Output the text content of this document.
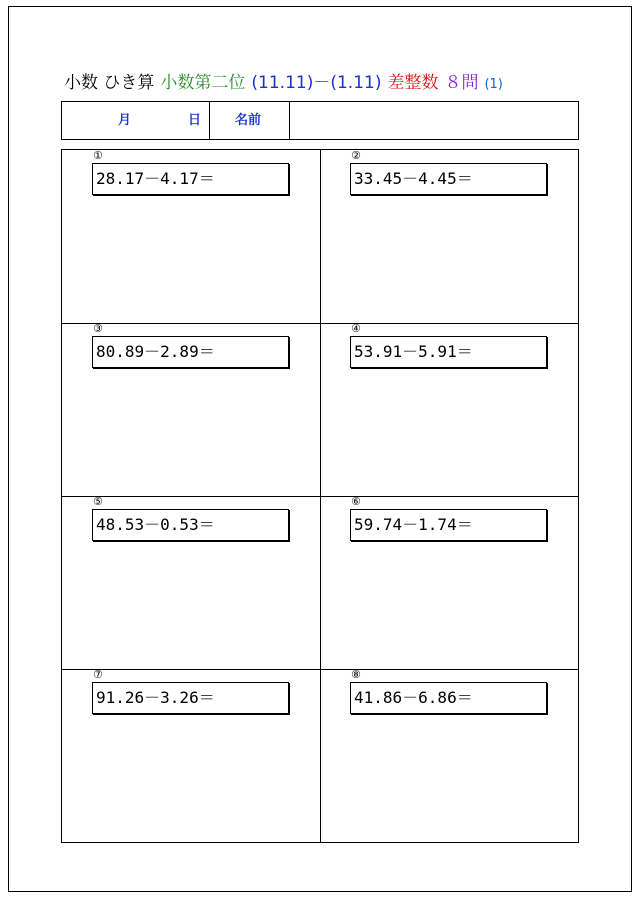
小数 ひき算 小数第二位 (11.11)－(1.11) 差整数 ８問 (1)
月	日	名前
①
28.17－4.17＝
②
33.45－4.45＝
③
80.89－2.89＝
④
53.91－5.91＝
⑤
48.53－0.53＝
⑥
59.74－1.74＝
⑦
91.26－3.26＝
⑧
41.86－6.86＝
